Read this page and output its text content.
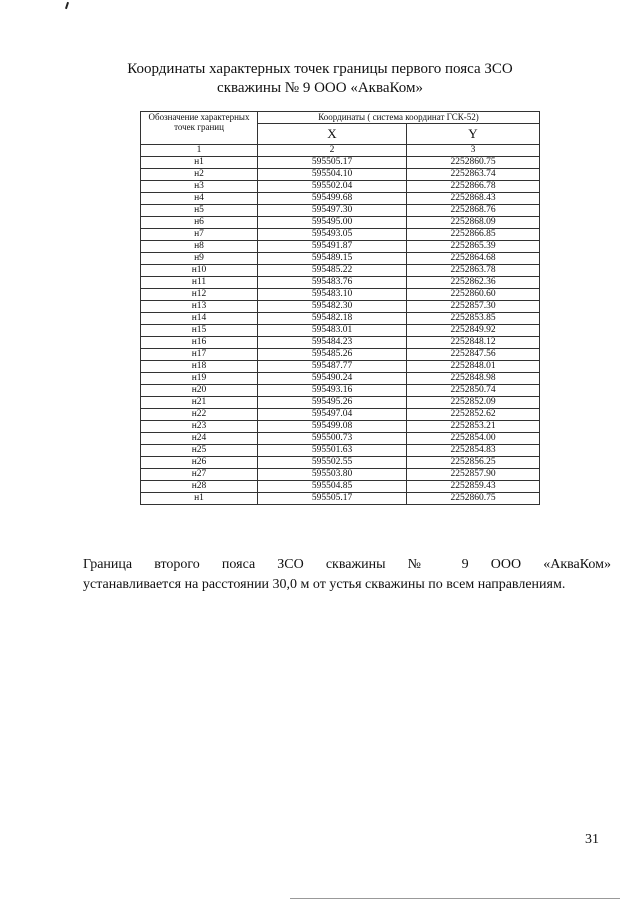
Координаты характерных точек границы первого пояса ЗСО
скважины № 9 ООО «АкваКом»
Обозначение характерных точек границ	Координаты ( система координат ГСК-52)	
	X	Y
1	2	3
н1	595505.17	2252860.75
н2	595504.10	2252863.74
н3	595502.04	2252866.78
н4	595499.68	2252868.43
н5	595497.30	2252868.76
н6	595495.00	2252868.09
н7	595493.05	2252866.85
н8	595491.87	2252865.39
н9	595489.15	2252864.68
н10	595485.22	2252863.78
н11	595483.76	2252862.36
н12	595483.10	2252860.60
н13	595482.30	2252857.30
н14	595482.18	2252853.85
н15	595483.01	2252849.92
н16	595484.23	2252848.12
н17	595485.26	2252847.56
н18	595487.77	2252848.01
н19	595490.24	2252848.98
н20	595493.16	2252850.74
н21	595495.26	2252852.09
н22	595497.04	2252852.62
н23	595499.08	2252853.21
н24	595500.73	2252854.00
н25	595501.63	2252854.83
н26	595502.55	2252856.25
н27	595503.80	2252857.90
н28	595504.85	2252859.43
н1	595505.17	2252860.75
Граница второго пояса ЗСО скважины № 9 ООО «АкваКом»
устанавливается на расстоянии 30,0 м от устья скважины по всем направлениям.
31
